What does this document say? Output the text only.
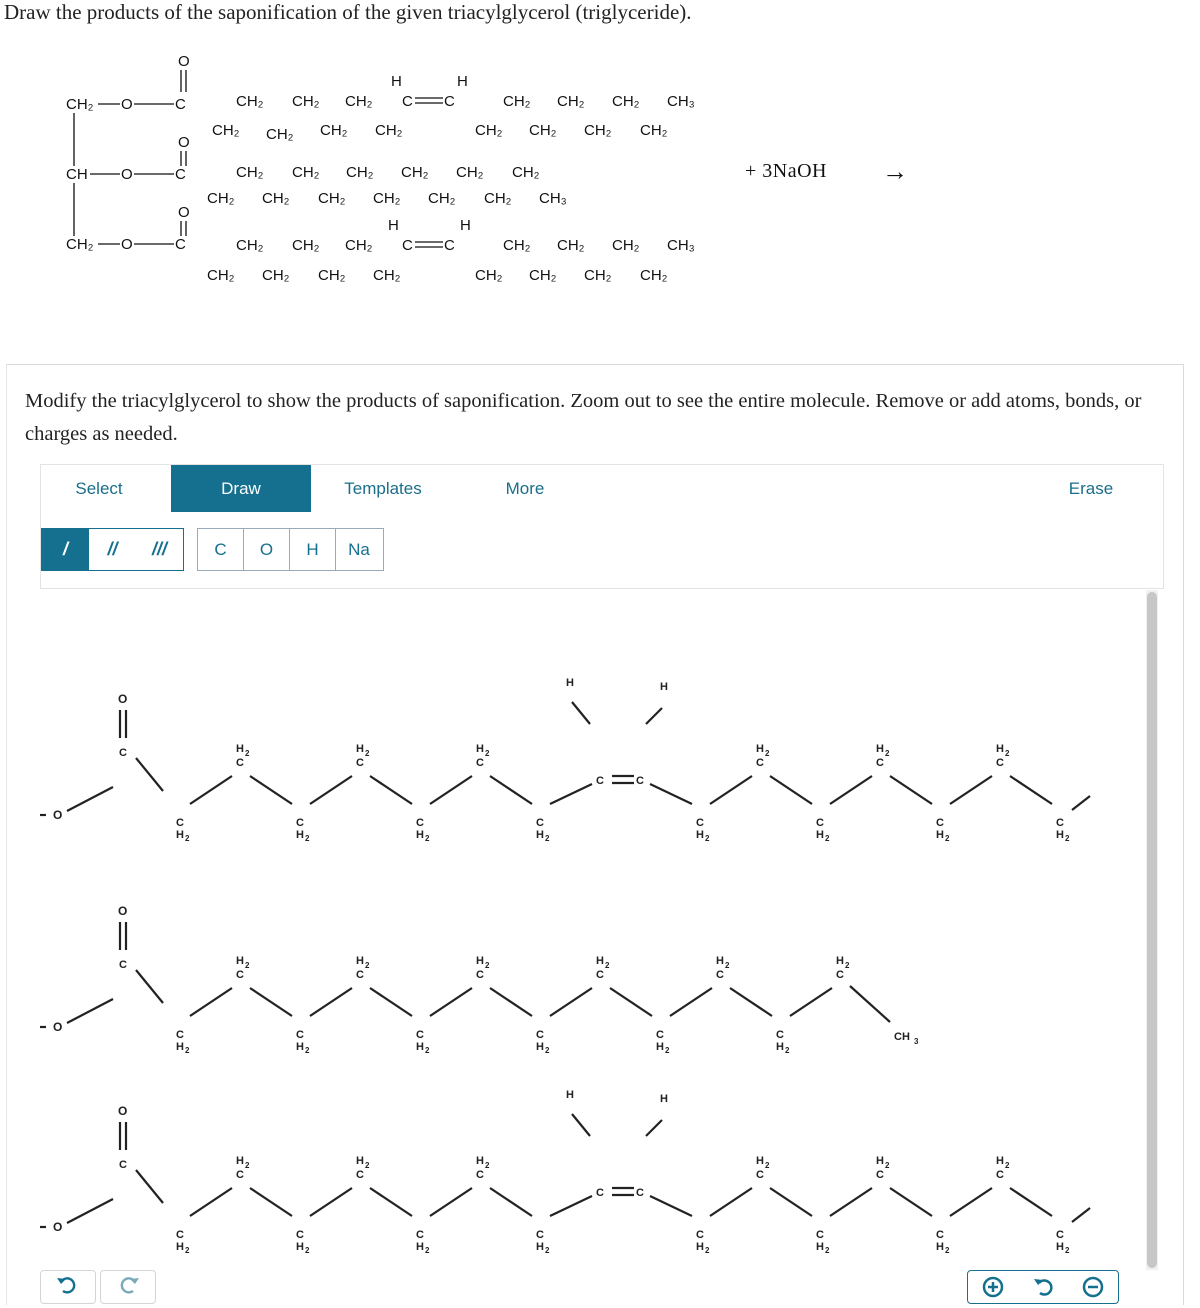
Draw the products of the saponification of the given triacylglycerol (triglyceride).
CH₂
CH
CH₂
O
O
O
O
C
O
C
O
C
CH₂ CH₂ CH₂
CH₂ CH₂ CH₂ CH₂
H	H
C C	CH₂ CH₂ CH₂ CH₃
CH₂ CH₂ CH₂ CH₂
CH₂ CH₂ CH₂ CH₂ CH₂ CH₂
CH₂ CH₂ CH₂ CH₂ CH₂ CH₂ CH₃
CH₂ CH₂ CH₂
CH₂ CH₂ CH₂ CH₂
H	H
C C	CH₂ CH₂ CH₂ CH₃
CH₂ CH₂ CH₂ CH₂
→
+ 3NaOH
Modify the triacylglycerol to show the products of saponification. Zoom out to see the entire molecule. Remove or add atoms, bonds, or charges as needed.
Select	Draw	Templates	More	Erase
/	//	///	C	O	H	Na
O
C
O
C
H 2
H 2
C
C
H 2
H 2
C
C
H 2
H 2
C
C
H 2
C
H
C
H
C
H 2
H 2
C
C
H 2
H 2
C
C
H 2
H 2
C
C
H 2
O
C
O
C
H 2
H 2
C
C
H 2
H 2
C
C
H 2
H 2
C
C
H 2
H 2
C
C
H 2
H 2
C
C
H 2
H 2
C
CH 3
O
C
O
C
H 2
H 2
C
C
H 2
H 2
C
C
H 2
H 2
C
C
H 2
C
H
C
H
C
H 2
H 2
C
C
H 2
H 2
C
C
H 2
H 2
C
C
H 2
